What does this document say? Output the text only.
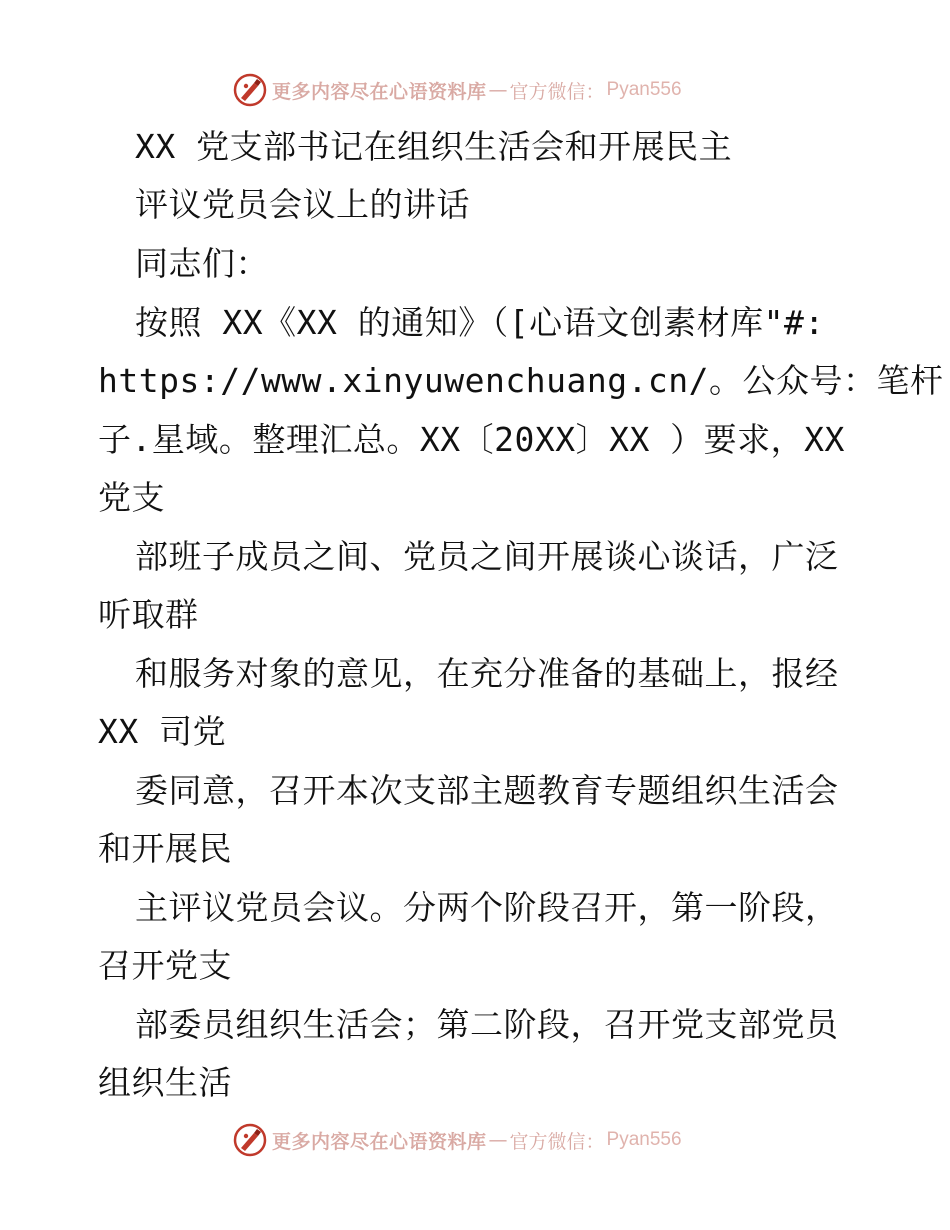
更多内容尽在心语资料库 — 官方微信： Pyan556
XX 党支部书记在组织生活会和开展民主
评议党员会议上的讲话
同志们：
按照 XX《XX 的通知》（[心语文创素材库"#:
https://www.xinyuwenchuang.cn/。公众号：笔杆
子.星域。整理汇总。XX〔20XX〕XX ）要求，XX
党支
部班子成员之间、党员之间开展谈心谈话，广泛
听取群
和服务对象的意见，在充分准备的基础上，报经
XX 司党
委同意，召开本次支部主题教育专题组织生活会
和开展民
主评议党员会议。分两个阶段召开，第一阶段，
召开党支
部委员组织生活会；第二阶段，召开党支部党员
组织生活
更多内容尽在心语资料库 — 官方微信： Pyan556
